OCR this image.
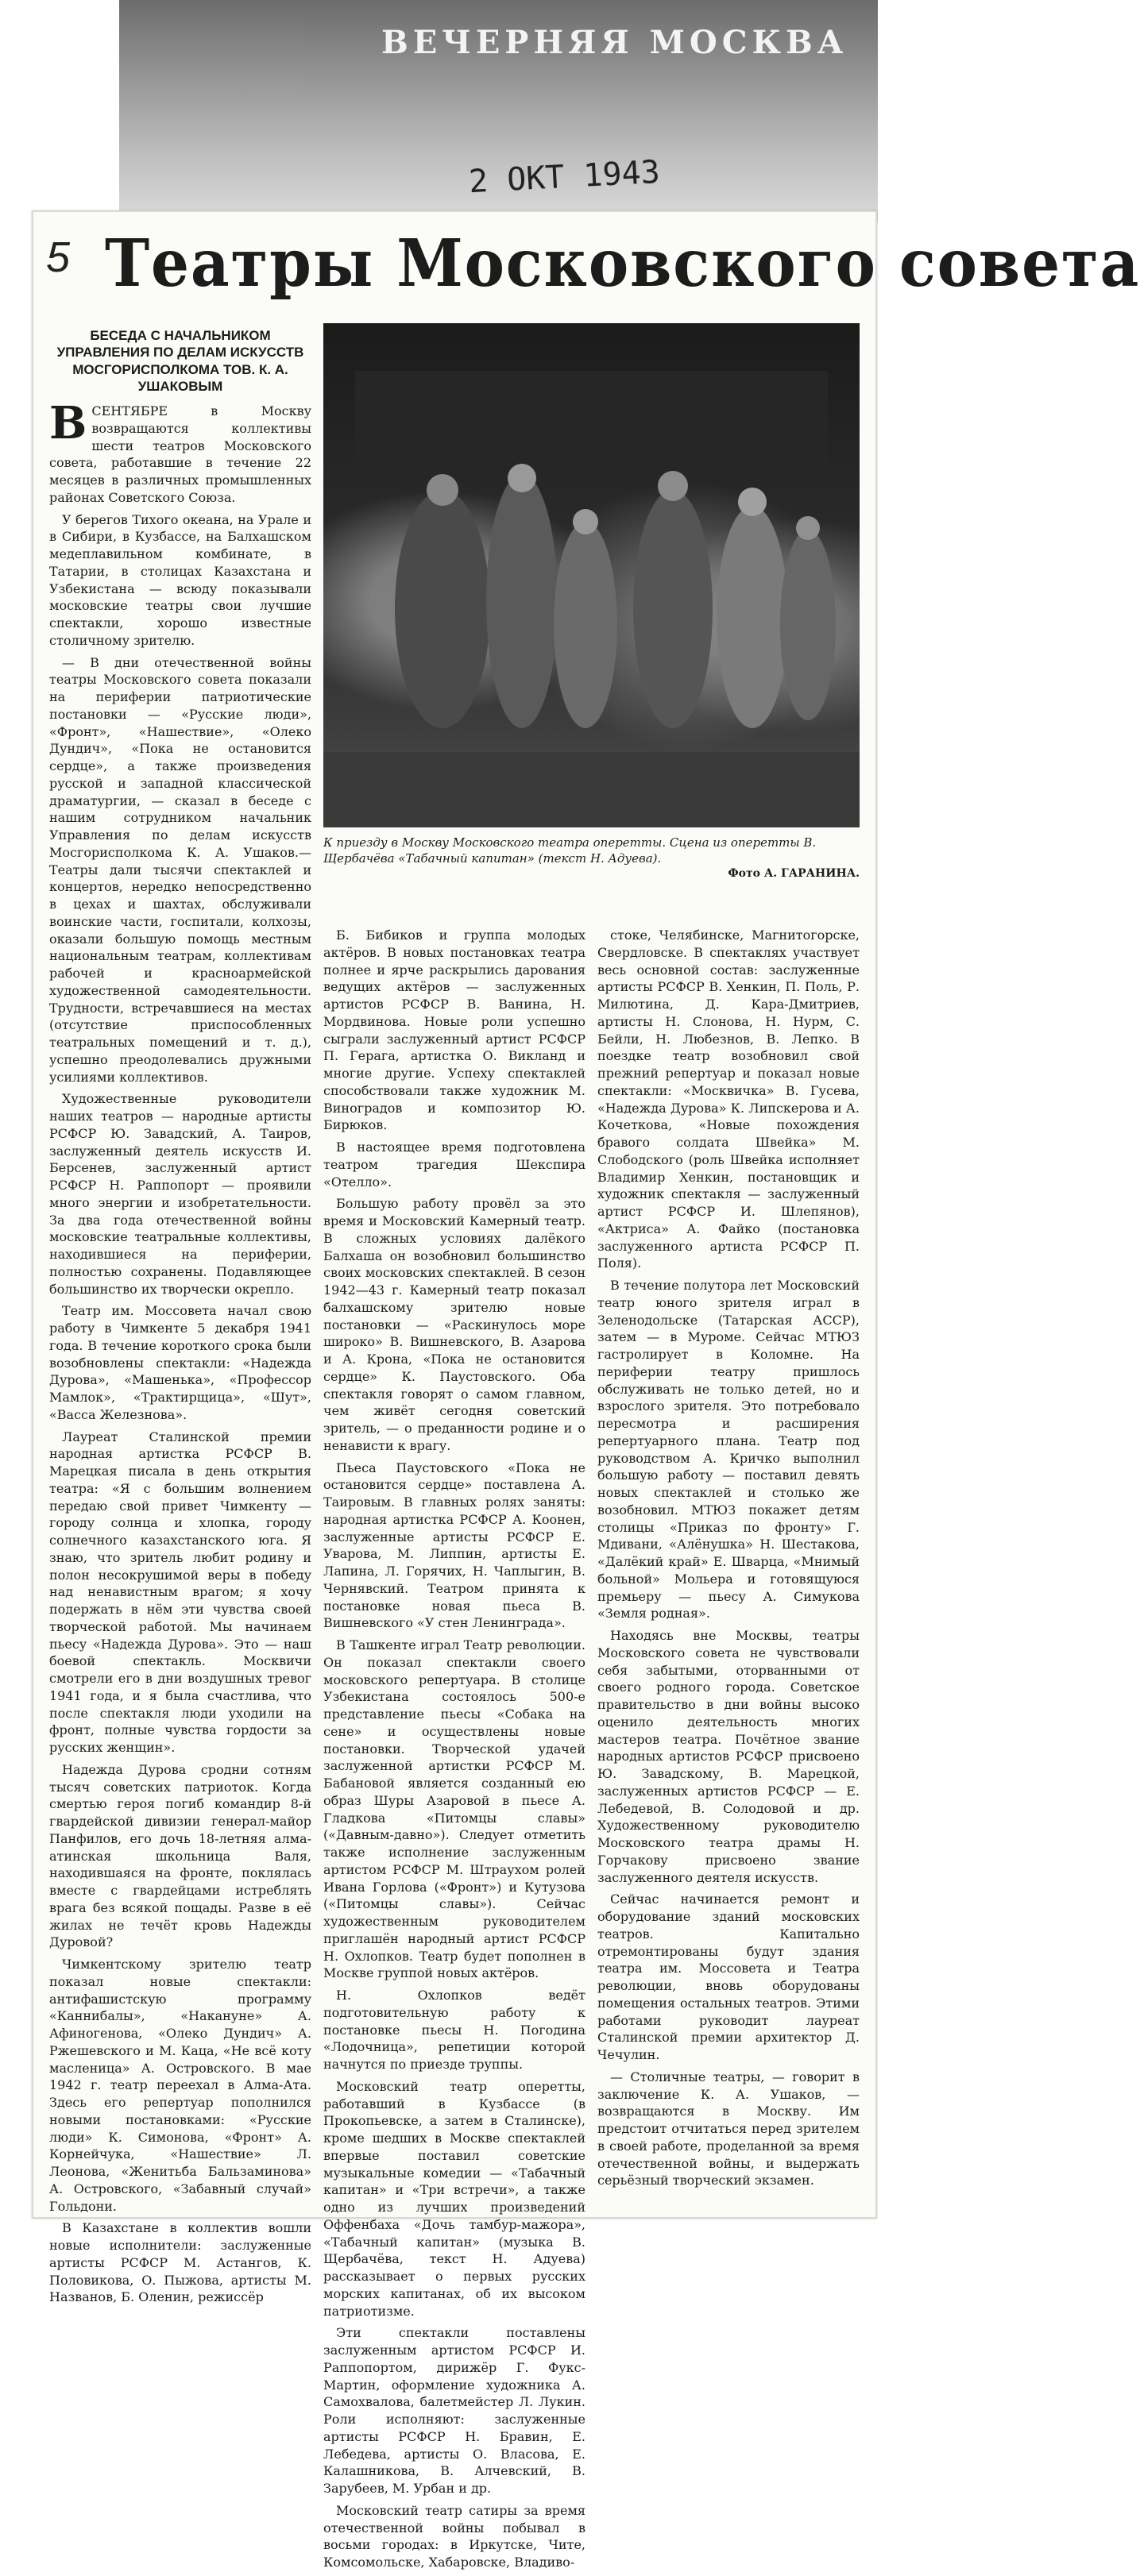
ВЕЧЕРНЯЯ МОСКВА
2 ОКТ 1943
5 Театры Московского совета

БЕСЕДА С НАЧАЛЬНИКОМ УПРАВЛЕНИЯ ПО ДЕЛАМ ИСКУССТВ МОСГОРИСПОЛКОМА ТОВ. К. А. УШАКОВЫМ

ВСЕНТЯБРЕ в Москву возвращаются коллективы шести театров Московского совета, работавшие в течение 22 месяцев в различных промышленных районах Советского Союза.

У берегов Тихого океана, на Урале и в Сибири, в Кузбассе, на Балхашском медеплавильном комбинате, в Татарии, в столицах Казахстана и Узбекистана — всюду показывали московские театры свои лучшие спектакли, хорошо известные столичному зрителю.

— В дни отечественной войны театры Московского совета показали на периферии патриотические постановки — «Русские люди», «Фронт», «Нашествие», «Олеко Дундич», «Пока не остановится сердце», а также произведения русской и западной классической драматургии, — сказал в беседе с нашим сотрудником начальник Управления по делам искусств Мосгорисполкома К. А. Ушаков.— Театры дали тысячи спектаклей и концертов, нередко непосредственно в цехах и шахтах, обслуживали воинские части, госпитали, колхозы, оказали большую помощь местным национальным театрам, коллективам рабочей и красноармейской художественной самодеятельности. Трудности, встречавшиеся на местах (отсутствие приспособленных театральных помещений и т. д.), успешно преодолевались дружными усилиями коллективов.

Художественные руководители наших театров — народные артисты РСФСР Ю. Завадский, А. Таиров, заслуженный деятель искусств И. Берсенев, заслуженный артист РСФСР Н. Раппопорт — проявили много энергии и изобретательности. За два года отечественной войны московские театральные коллективы, находившиеся на периферии, полностью сохранены. Подавляющее большинство их творчески окрепло.

Театр им. Моссовета начал свою работу в Чимкенте 5 декабря 1941 года. В течение короткого срока были возобновлены спектакли: «Надежда Дурова», «Машенька», «Профессор Мамлок», «Трактирщица», «Шут», «Васса Железнова».

Лауреат Сталинской премии народная артистка РСФСР В. Марецкая писала в день открытия театра: «Я с большим волнением передаю свой привет Чимкенту — городу солнца и хлопка, городу солнечного казахстанского юга. Я знаю, что зритель любит родину и полон несокрушимой веры в победу над ненавистным врагом; я хочу подержать в нём эти чувства своей творческой работой. Мы начинаем пьесу «Надежда Дурова». Это — наш боевой спектакль. Москвичи смотрели его в дни воздушных тревог 1941 года, и я была счастлива, что после спектакля люди уходили на фронт, полные чувства гордости за русских женщин».

Надежда Дурова сродни сотням тысяч советских патриоток. Когда смертью героя погиб командир 8-й гвардейской дивизии генерал-майор Панфилов, его дочь 18-летняя алма-атинская школьница Валя, находившаяся на фронте, поклялась вместе с гвардейцами истреблять врага без всякой пощады. Разве в её жилах не течёт кровь Надежды Дуровой?

Чимкентскому зрителю театр показал новые спектакли: антифашистскую программу «Каннибалы», «Накануне» А. Афиногенова, «Олеко Дундич» А. Ржешевского и М. Каца, «Не всё коту масленица» А. Островского. В мае 1942 г. театр переехал в Алма-Ата. Здесь его репертуар пополнился новыми постановками: «Русские люди» К. Симонова, «Фронт» А. Корнейчука, «Нашествие» Л. Леонова, «Женитьба Бальзаминова» А. Островского, «Забавный случай» Гольдони.

В Казахстане в коллектив вошли новые исполнители: заслуженные артисты РСФСР М. Астангов, К. Половикова, О. Пыжова, артисты М. Названов, Б. Оленин, режиссёр

К приезду в Москву Московского театра оперетты. Сцена из оперетты В. Щербачёва «Табачный капитан» (текст Н. Адуева).
Фото А. ГАРАНИНА.

Б. Бибиков и группа молодых актёров. В новых постановках театра полнее и ярче раскрылись дарования ведущих актёров — заслуженных артистов РСФСР В. Ванина, Н. Мордвинова. Новые роли успешно сыграли заслуженный артист РСФСР П. Герага, артистка О. Викланд и многие другие. Успеху спектаклей способствовали также художник М. Виноградов и композитор Ю. Бирюков.

В настоящее время подготовлена театром трагедия Шекспира «Отелло».

Большую работу провёл за это время и Московский Камерный театр. В сложных условиях далёкого Балхаша он возобновил большинство своих московских спектаклей. В сезон 1942—43 г. Камерный театр показал балхашскому зрителю новые постановки — «Раскинулось море широко» В. Вишневского, В. Азарова и А. Крона, «Пока не остановится сердце» К. Паустовского. Оба спектакля говорят о самом главном, чем живёт сегодня советский зритель, — о преданности родине и о ненависти к врагу.

Пьеса Паустовского «Пока не остановится сердце» поставлена А. Таировым. В главных ролях заняты: народная артистка РСФСР А. Коонен, заслуженные артисты РСФСР Е. Уварова, М. Липпин, артисты Е. Лапина, Л. Горячих, Н. Чаплыгин, В. Чернявский. Театром принята к постановке новая пьеса В. Вишневского «У стен Ленинграда».

В Ташкенте играл Театр революции. Он показал спектакли своего московского репертуара. В столице Узбекистана состоялось 500-е представление пьесы «Собака на сене» и осуществлены новые постановки. Творческой удачей заслуженной артистки РСФСР М. Бабановой является созданный ею образ Шуры Азаровой в пьесе А. Гладкова «Питомцы славы» («Давным-давно»). Следует отметить также исполнение заслуженным артистом РСФСР М. Штраухом ролей Ивана Горлова («Фронт») и Кутузова («Питомцы славы»). Сейчас художественным руководителем приглашён народный артист РСФСР Н. Охлопков. Театр будет пополнен в Москве группой новых актёров.

Н. Охлопков ведёт подготовительную работу к постановке пьесы Н. Погодина «Лодочница», репетиции которой начнутся по приезде труппы.

Московский театр оперетты, работавший в Кузбассе (в Прокопьевске, а затем в Сталинске), кроме шедших в Москве спектаклей впервые поставил советские музыкальные комедии — «Табачный капитан» и «Три встречи», а также одно из лучших произведений Оффенбаха «Дочь тамбур-мажора», «Табачный капитан» (музыка В. Щербачёва, текст Н. Адуева) рассказывает о первых русских морских капитанах, об их высоком патриотизме.

Эти спектакли поставлены заслуженным артистом РСФСР И. Раппопортом, дирижёр Г. Фукс-Мартин, оформление художника А. Самохвалова, балетмейстер Л. Лукин. Роли исполняют: заслуженные артисты РСФСР Н. Бравин, Е. Лебедева, артисты О. Власова, Е. Калашникова, В. Алчевский, В. Зарубеев, М. Урбан и др.

Московский театр сатиры за время отечественной войны побывал в восьми городах: в Иркутске, Чите, Комсомольске, Хабаровске, Владиво-

стоке, Челябинске, Магнитогорске, Свердловске. В спектаклях участвует весь основной состав: заслуженные артисты РСФСР В. Хенкин, П. Поль, Р. Милютина, Д. Кара-Дмитриев, артисты Н. Слонова, Н. Нурм, С. Бейли, Н. Любезнов, В. Лепко. В поездке театр возобновил свой прежний репертуар и показал новые спектакли: «Москвичка» В. Гусева, «Надежда Дурова» К. Липскерова и А. Кочеткова, «Новые похождения бравого солдата Швейка» М. Слободского (роль Швейка исполняет Владимир Хенкин, постановщик и художник спектакля — заслуженный артист РСФСР И. Шлепянов), «Актриса» А. Файко (постановка заслуженного артиста РСФСР П. Поля).

В течение полутора лет Московский театр юного зрителя играл в Зеленодольске (Татарская АССР), затем — в Муроме. Сейчас МТЮЗ гастролирует в Коломне. На периферии театру пришлось обслуживать не только детей, но и взрослого зрителя. Это потребовало пересмотра и расширения репертуарного плана. Театр под руководством А. Кричко выполнил большую работу — поставил девять новых спектаклей и столько же возобновил. МТЮЗ покажет детям столицы «Приказ по фронту» Г. Мдивани, «Алёнушка» Н. Шестакова, «Далёкий край» Е. Шварца, «Мнимый больной» Мольера и готовящуюся премьеру — пьесу А. Симукова «Земля родная».

Находясь вне Москвы, театры Московского совета не чувствовали себя забытыми, оторванными от своего родного города. Советское правительство в дни войны высоко оценило деятельность многих мастеров театра. Почётное звание народных артистов РСФСР присвоено Ю. Завадскому, В. Марецкой, заслуженных артистов РСФСР — Е. Лебедевой, В. Солодовой и др. Художественному руководителю Московского театра драмы Н. Горчакову присвоено звание заслуженного деятеля искусств.

Сейчас начинается ремонт и оборудование зданий московских театров. Капитально отремонтированы будут здания театра им. Моссовета и Театра революции, вновь оборудованы помещения остальных театров. Этими работами руководит лауреат Сталинской премии архитектор Д. Чечулин.

— Столичные театры, — говорит в заключение К. А. Ушаков, — возвращаются в Москву. Им предстоит отчитаться перед зрителем в своей работе, проделанной за время отечественной войны, и выдержать серьёзный творческий экзамен.
